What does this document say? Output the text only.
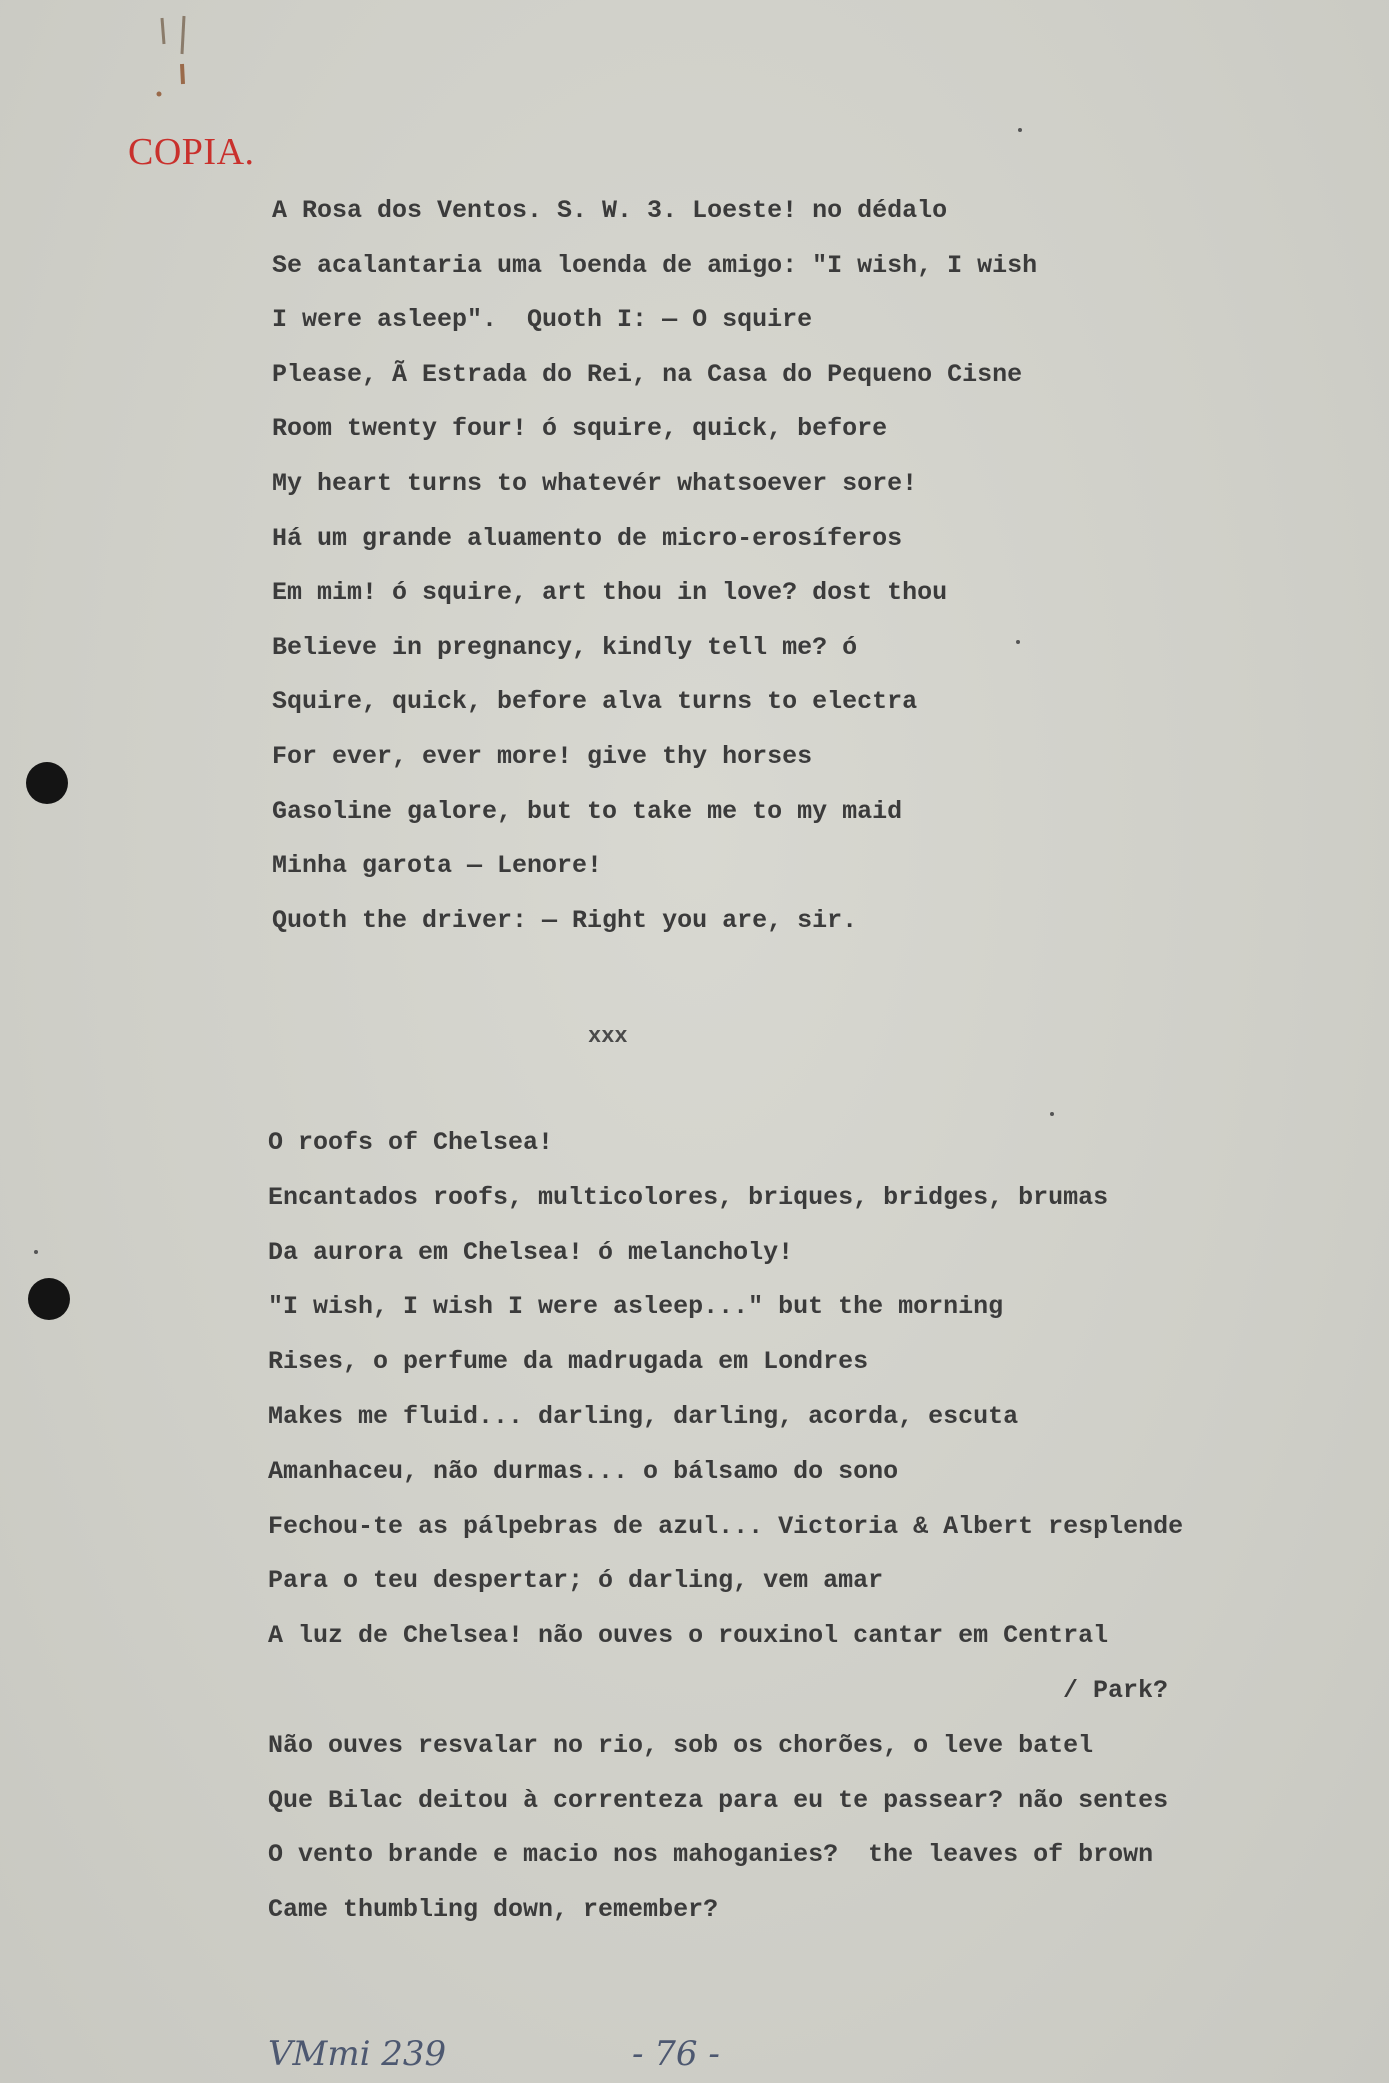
COPIA.
A Rosa dos Ventos. S. W. 3. Loeste! no dédalo
Se acalantaria uma loenda de amigo: "I wish, I wish
I were asleep".  Quoth I: — O squire
Please, Ã Estrada do Rei, na Casa do Pequeno Cisne
Room twenty four! ó squire, quick, before
My heart turns to whatevér whatsoever sore!
Há um grande aluamento de micro-erosíferos
Em mim! ó squire, art thou in love? dost thou
Believe in pregnancy, kindly tell me? ó
Squire, quick, before alva turns to electra
For ever, ever more! give thy horses
Gasoline galore, but to take me to my maid
Minha garota — Lenore!
Quoth the driver: — Right you are, sir.
xxx
O roofs of Chelsea!
Encantados roofs, multicolores, briques, bridges, brumas
Da aurora em Chelsea! ó melancholy!
"I wish, I wish I were asleep..." but the morning
Rises, o perfume da madrugada em Londres
Makes me fluid... darling, darling, acorda, escuta
Amanhaceu, não durmas... o bálsamo do sono
Fechou-te as pálpebras de azul... Victoria & Albert resplende
Para o teu despertar; ó darling, vem amar
A luz de Chelsea! não ouves o rouxinol cantar em Central
/ Park?
Não ouves resvalar no rio, sob os chorões, o leve batel
Que Bilac deitou à correnteza para eu te passear? não sentes
O vento brande e macio nos mahoganies?  the leaves of brown
Came thumbling down, remember?
VMmi 239	- 76 -
